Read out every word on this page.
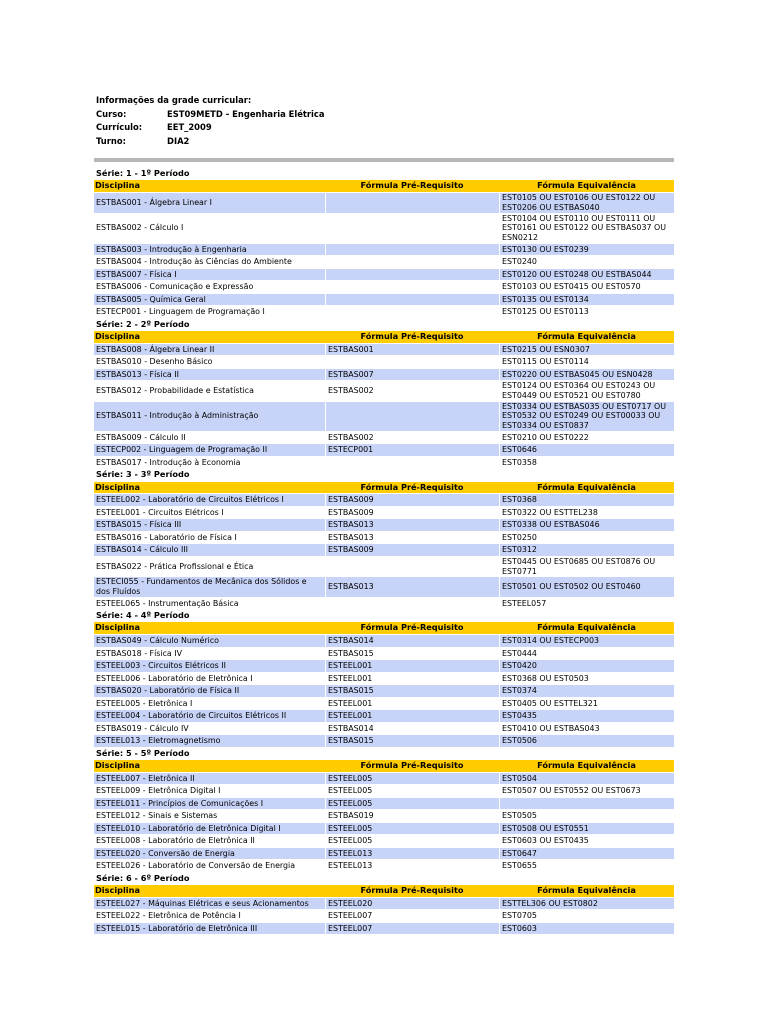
Informações da grade curricular:
Curso:	EST09METD - Engenharia Elétrica
Currículo:	EET_2009
Turno:	DIA2
Série: 1 - 1º Período
Disciplina	Fórmula Pré-Requisito	Fórmula Equivalência
ESTBAS001 - Álgebra Linear I		EST0105 OU EST0106 OU EST0122 OU EST0206 OU ESTBAS040
ESTBAS002 - Cálculo I		EST0104 OU EST0110 OU EST0111 OU EST0161 OU EST0122 OU ESTBAS037 OU ESN0212
ESTBAS003 - Introdução à Engenharia		EST0130 OU EST0239
ESTBAS004 - Introdução às Ciências do Ambiente		EST0240
ESTBAS007 - Física I		EST0120 OU EST0248 OU ESTBAS044
ESTBAS006 - Comunicação e Expressão		EST0103 OU EST0415 OU EST0570
ESTBAS005 - Química Geral		EST0135 OU EST0134
ESTECP001 - Linguagem de Programação I		EST0125 OU EST0113
Série: 2 - 2º Período
Disciplina	Fórmula Pré-Requisito	Fórmula Equivalência
ESTBAS008 - Álgebra Linear II	ESTBAS001	EST0215 OU ESN0307
ESTBAS010 - Desenho Básico		EST0115 OU EST0114
ESTBAS013 - Física II	ESTBAS007	EST0220 OU ESTBAS045 OU ESN0428
ESTBAS012 - Probabilidade e Estatística	ESTBAS002	EST0124 OU EST0364 OU EST0243 OU EST0449 OU EST0521 OU EST0780
ESTBAS011 - Introdução à Administração		EST0334 OU ESTBAS035 OU EST0717 OU EST0532 OU EST0249 OU EST00033 OU EST0334 OU EST0837
ESTBAS009 - Cálculo II	ESTBAS002	EST0210 OU EST0222
ESTECP002 - Linguagem de Programação II	ESTECP001	EST0646
ESTBAS017 - Introdução à Economia		EST0358
Série: 3 - 3º Período
Disciplina	Fórmula Pré-Requisito	Fórmula Equivalência
ESTEEL002 - Laboratório de Circuitos Elétricos I	ESTBAS009	EST0368
ESTEEL001 - Circuitos Elétricos I	ESTBAS009	EST0322 OU ESTTEL238
ESTBAS015 - Física III	ESTBAS013	EST0338 OU ESTBAS046
ESTBAS016 - Laboratório de Física I	ESTBAS013	EST0250
ESTBAS014 - Cálculo III	ESTBAS009	EST0312
ESTBAS022 - Prática Profissional e Ética		EST0445 OU EST0685 OU EST0876 OU EST0771
ESTECI055 - Fundamentos de Mecânica dos Sólidos e dos Fluídos	ESTBAS013	EST0501 OU EST0502 OU EST0460
ESTEEL065 - Instrumentação Básica		ESTEEL057
Série: 4 - 4º Período
Disciplina	Fórmula Pré-Requisito	Fórmula Equivalência
ESTBAS049 - Cálculo Numérico	ESTBAS014	EST0314 OU ESTECP003
ESTBAS018 - Física IV	ESTBAS015	EST0444
ESTEEL003 - Circuitos Elétricos II	ESTEEL001	EST0420
ESTEEL006 - Laboratório de Eletrônica I	ESTEEL001	EST0368 OU EST0503
ESTBAS020 - Laboratório de Física II	ESTBAS015	EST0374
ESTEEL005 - Eletrônica I	ESTEEL001	EST0405 OU ESTTEL321
ESTEEL004 - Laboratório de Circuitos Elétricos II	ESTEEL001	EST0435
ESTBAS019 - Cálculo IV	ESTBAS014	EST0410 OU ESTBAS043
ESTEEL013 - Eletromagnetismo	ESTBAS015	EST0506
Série: 5 - 5º Período
Disciplina	Fórmula Pré-Requisito	Fórmula Equivalência
ESTEEL007 - Eletrônica II	ESTEEL005	EST0504
ESTEEL009 - Eletrônica Digital I	ESTEEL005	EST0507 OU EST0552 OU EST0673
ESTEEL011 - Princípios de Comunicações I	ESTEEL005	
ESTEEL012 - Sinais e Sistemas	ESTBAS019	EST0505
ESTEEL010 - Laboratório de Eletrônica Digital I	ESTEEL005	EST0508 OU EST0551
ESTEEL008 - Laboratório de Eletrônica II	ESTEEL005	EST0603 OU EST0435
ESTEEL020 - Conversão de Energia	ESTEEL013	EST0647
ESTEEL026 - Laboratório de Conversão de Energia	ESTEEL013	EST0655
Série: 6 - 6º Período
Disciplina	Fórmula Pré-Requisito	Fórmula Equivalência
ESTEEL027 - Máquinas Elétricas e seus Acionamentos	ESTEEL020	ESTTEL306 OU EST0802
ESTEEL022 - Eletrônica de Potência I	ESTEEL007	EST0705
ESTEEL015 - Laboratório de Eletrônica III	ESTEEL007	EST0603
